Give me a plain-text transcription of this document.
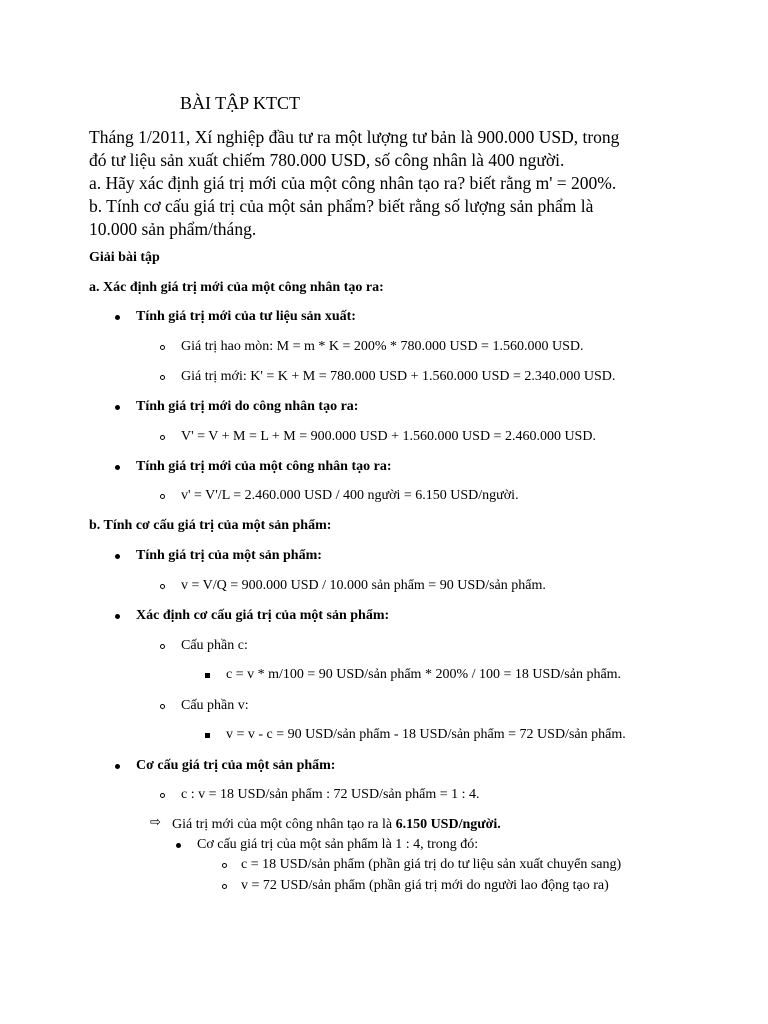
BÀI TẬP KTCT
Tháng 1/2011, Xí nghiệp đầu tư ra một lượng tư bản là 900.000 USD, trong
đó tư liệu sản xuất chiếm 780.000 USD, số công nhân là 400 người.
a. Hãy xác định giá trị mới của một công nhân tạo ra? biết rằng m' = 200%.
b. Tính cơ cấu giá trị của một sản phẩm? biết rằng số lượng sản phẩm là
10.000 sản phẩm/tháng.
Giải bài tập
a. Xác định giá trị mới của một công nhân tạo ra:
Tính giá trị mới của tư liệu sản xuất:
Giá trị hao mòn: M = m * K = 200% * 780.000 USD = 1.560.000 USD.
Giá trị mới: K' = K + M = 780.000 USD + 1.560.000 USD = 2.340.000 USD.
Tính giá trị mới do công nhân tạo ra:
V' = V + M = L + M = 900.000 USD + 1.560.000 USD = 2.460.000 USD.
Tính giá trị mới của một công nhân tạo ra:
v' = V'/L = 2.460.000 USD / 400 người = 6.150 USD/người.
b. Tính cơ cấu giá trị của một sản phẩm:
Tính giá trị của một sản phẩm:
v = V/Q = 900.000 USD / 10.000 sản phẩm = 90 USD/sản phẩm.
Xác định cơ cấu giá trị của một sản phẩm:
Cấu phần c:
c = v * m/100 = 90 USD/sản phẩm * 200% / 100 = 18 USD/sản phẩm.
Cấu phần v:
v = v - c = 90 USD/sản phẩm - 18 USD/sản phẩm = 72 USD/sản phẩm.
Cơ cấu giá trị của một sản phẩm:
c : v = 18 USD/sản phẩm : 72 USD/sản phẩm = 1 : 4.
⇨ Giá trị mới của một công nhân tạo ra là 6.150 USD/người.
Cơ cấu giá trị của một sản phẩm là 1 : 4, trong đó:
c = 18 USD/sản phẩm (phần giá trị do tư liệu sản xuất chuyển sang)
v = 72 USD/sản phẩm (phần giá trị mới do người lao động tạo ra)
